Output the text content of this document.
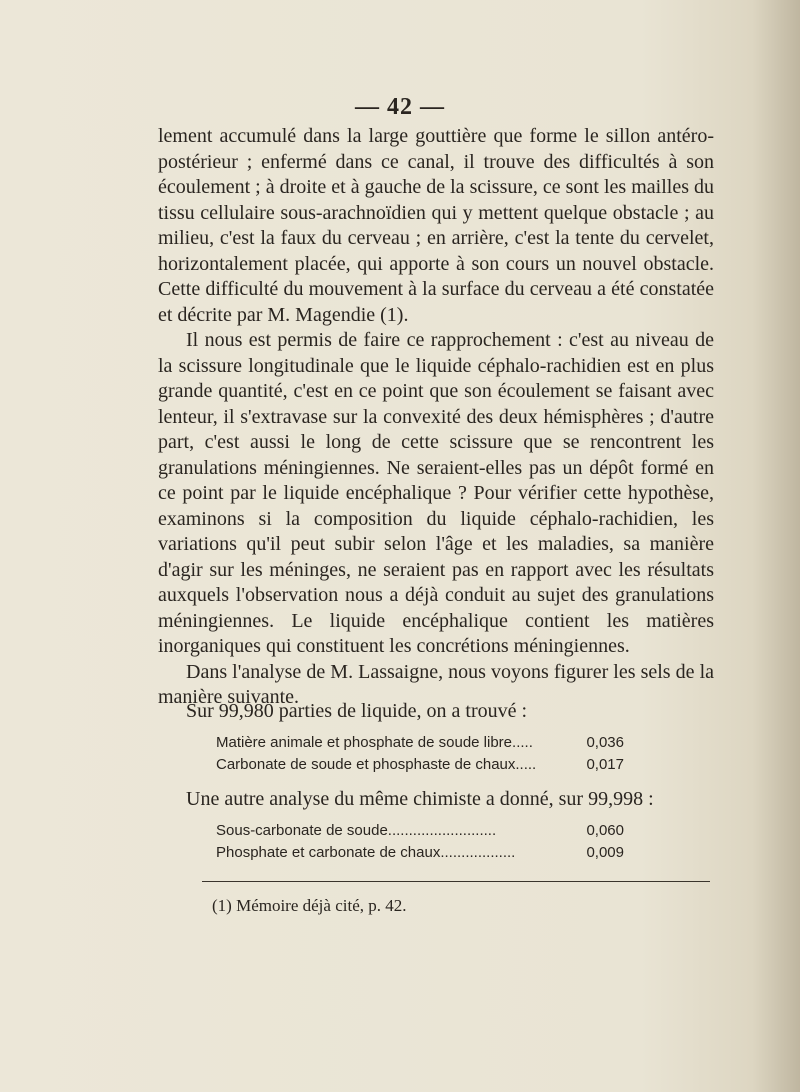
— 42 —

lement accumulé dans la large gouttière que forme le sillon antéro-postérieur ; enfermé dans ce canal, il trouve des difficultés à son écoulement ; à droite et à gauche de la scissure, ce sont les mailles du tissu cellulaire sous-arachnoïdien qui y mettent quelque obstacle ; au milieu, c'est la faux du cerveau ; en arrière, c'est la tente du cervelet, horizontalement placée, qui apporte à son cours un nouvel obstacle. Cette difficulté du mouvement à la surface du cerveau a été constatée et décrite par M. Magendie (1).

Il nous est permis de faire ce rapprochement : c'est au niveau de la scissure longitudinale que le liquide céphalo-rachidien est en plus grande quantité, c'est en ce point que son écoulement se faisant avec lenteur, il s'extravase sur la convexité des deux hémisphères ; d'autre part, c'est aussi le long de cette scissure que se rencontrent les granulations méningiennes. Ne seraient-elles pas un dépôt formé en ce point par le liquide encéphalique ? Pour vérifier cette hypothèse, examinons si la composition du liquide céphalo-rachidien, les variations qu'il peut subir selon l'âge et les maladies, sa manière d'agir sur les méninges, ne seraient pas en rapport avec les résultats auxquels l'observation nous a déjà conduit au sujet des granulations méningiennes. Le liquide encéphalique contient les matières inorganiques qui constituent les concrétions méningiennes.

Dans l'analyse de M. Lassaigne, nous voyons figurer les sels de la manière suivante.

Sur 99,980 parties de liquide, on a trouvé :
Matière animale et phosphate de soude libre.....	0,036
Carbonate de soude et phosphaste de chaux.....	0,017
Une autre analyse du même chimiste a donné, sur 99,998 :
Sous-carbonate de soude..........................	0,060
Phosphate et carbonate de chaux..................	0,009
(1) Mémoire déjà cité, p. 42.
